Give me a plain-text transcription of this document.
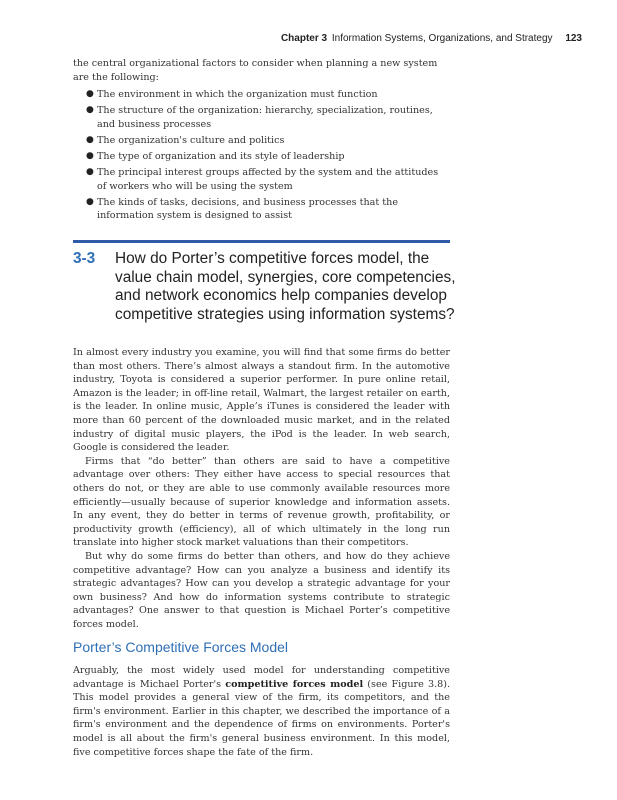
Chapter 3 Information Systems, Organizations, and Strategy 123

the central organizational factors to consider when planning a new system are the following:

● The environment in which the organization must function
● The structure of the organization: hierarchy, specialization, routines, and business processes
● The organization's culture and politics
● The type of organization and its style of leadership
● The principal interest groups affected by the system and the attitudes of workers who will be using the system
● The kinds of tasks, decisions, and business processes that the information system is designed to assist
3-3 How do Porter’s competitive forces model, the value chain model, synergies, core competencies, and network economics help companies develop competitive strategies using information systems?

In almost every industry you examine, you will find that some firms do better than most others. There’s almost always a standout firm. In the automotive industry, Toyota is considered a superior performer. In pure online retail, Amazon is the leader; in off-line retail, Walmart, the largest retailer on earth, is the leader. In online music, Apple’s iTunes is considered the leader with more than 60 percent of the downloaded music market, and in the related industry of digital music players, the iPod is the leader. In web search, Google is considered the leader.

Firms that “do better” than others are said to have a competitive advantage over others: They either have access to special resources that others do not, or they are able to use commonly available resources more efficiently—usually because of superior knowledge and information assets. In any event, they do better in terms of revenue growth, profitability, or productivity growth (efficiency), all of which ultimately in the long run translate into higher stock market valuations than their competitors.

But why do some firms do better than others, and how do they achieve competitive advantage? How can you analyze a business and identify its strategic advantages? How can you develop a strategic advantage for your own business? And how do information systems contribute to strategic advantages? One answer to that question is Michael Porter’s competitive forces model.

Porter’s Competitive Forces Model

Arguably, the most widely used model for understanding competitive advantage is Michael Porter's competitive forces model (see Figure 3.8). This model provides a general view of the firm, its competitors, and the firm's environment. Earlier in this chapter, we described the importance of a firm's environment and the dependence of firms on environments. Porter's model is all about the firm's general business environment. In this model, five competitive forces shape the fate of the firm.
